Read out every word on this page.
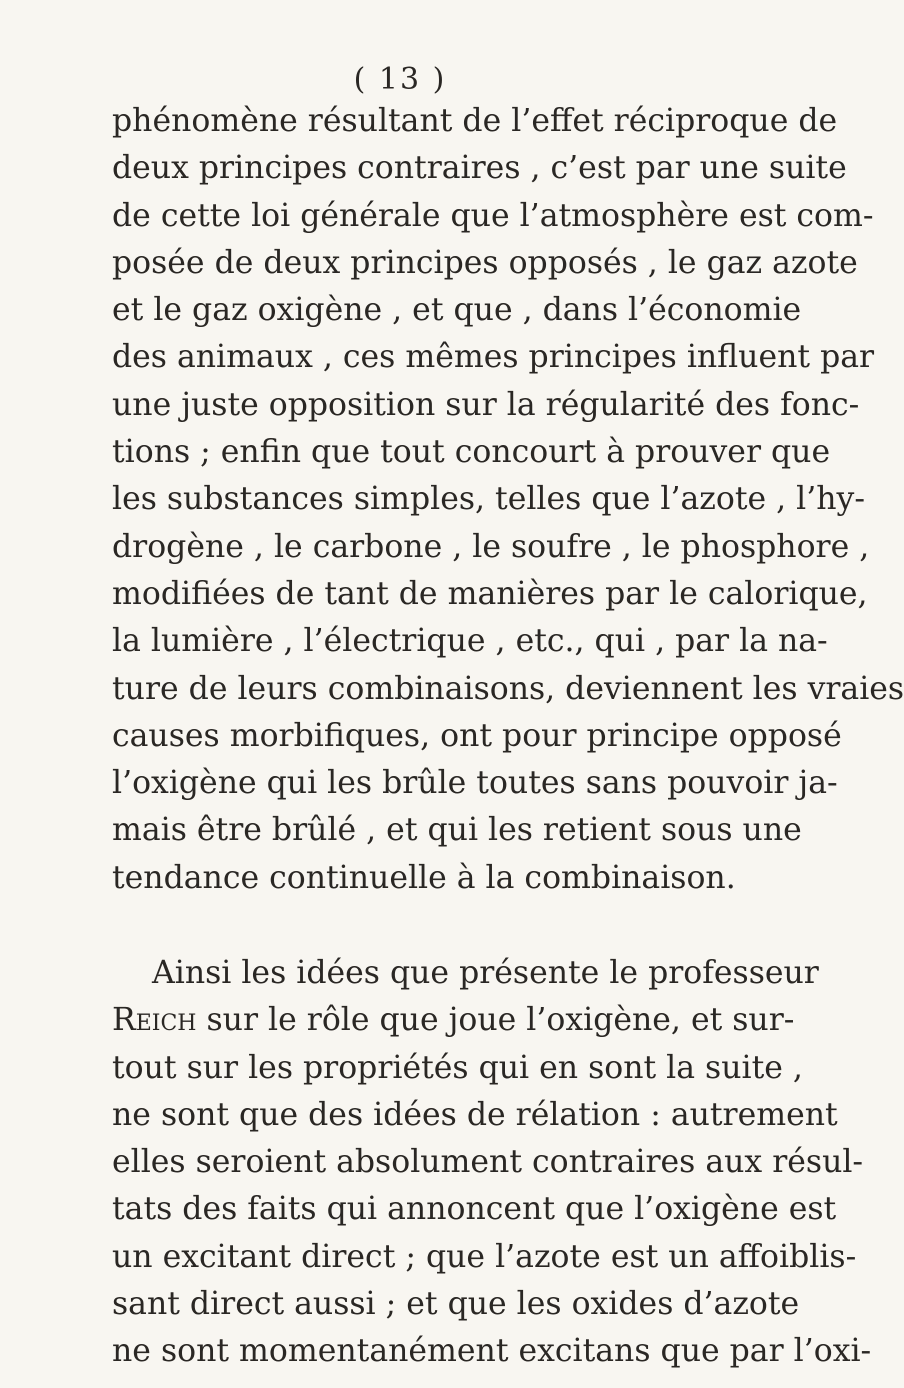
( 13 )
phénomène résultant de l’effet réciproque de
deux principes contraires , c’est par une suite
de cette loi générale que l’atmosphère est com-
posée de deux principes opposés , le gaz azote
et le gaz oxigène , et que , dans l’économie
des animaux , ces mêmes principes influent par
une juste opposition sur la régularité des fonc-
tions ; enfin que tout concourt à prouver que
les substances simples, telles que l’azote , l’hy-
drogène , le carbone , le soufre , le phosphore ,
modifiées de tant de manières par le calorique,
la lumière , l’électrique , etc., qui , par la na-
ture de leurs combinaisons, deviennent les vraies
causes morbifiques, ont pour principe opposé
l’oxigène qui les brûle toutes sans pouvoir ja-
mais être brûlé , et qui les retient sous une
tendance continuelle à la combinaison.
Ainsi les idées que présente le professeur
Reich sur le rôle que joue l’oxigène, et sur-
tout sur les propriétés qui en sont la suite ,
ne sont que des idées de rélation : autrement
elles seroient absolument contraires aux résul-
tats des faits qui annoncent que l’oxigène est
un excitant direct ; que l’azote est un affoiblis-
sant direct aussi ; et que les oxides d’azote
ne sont momentanément excitans que par l’oxi-
